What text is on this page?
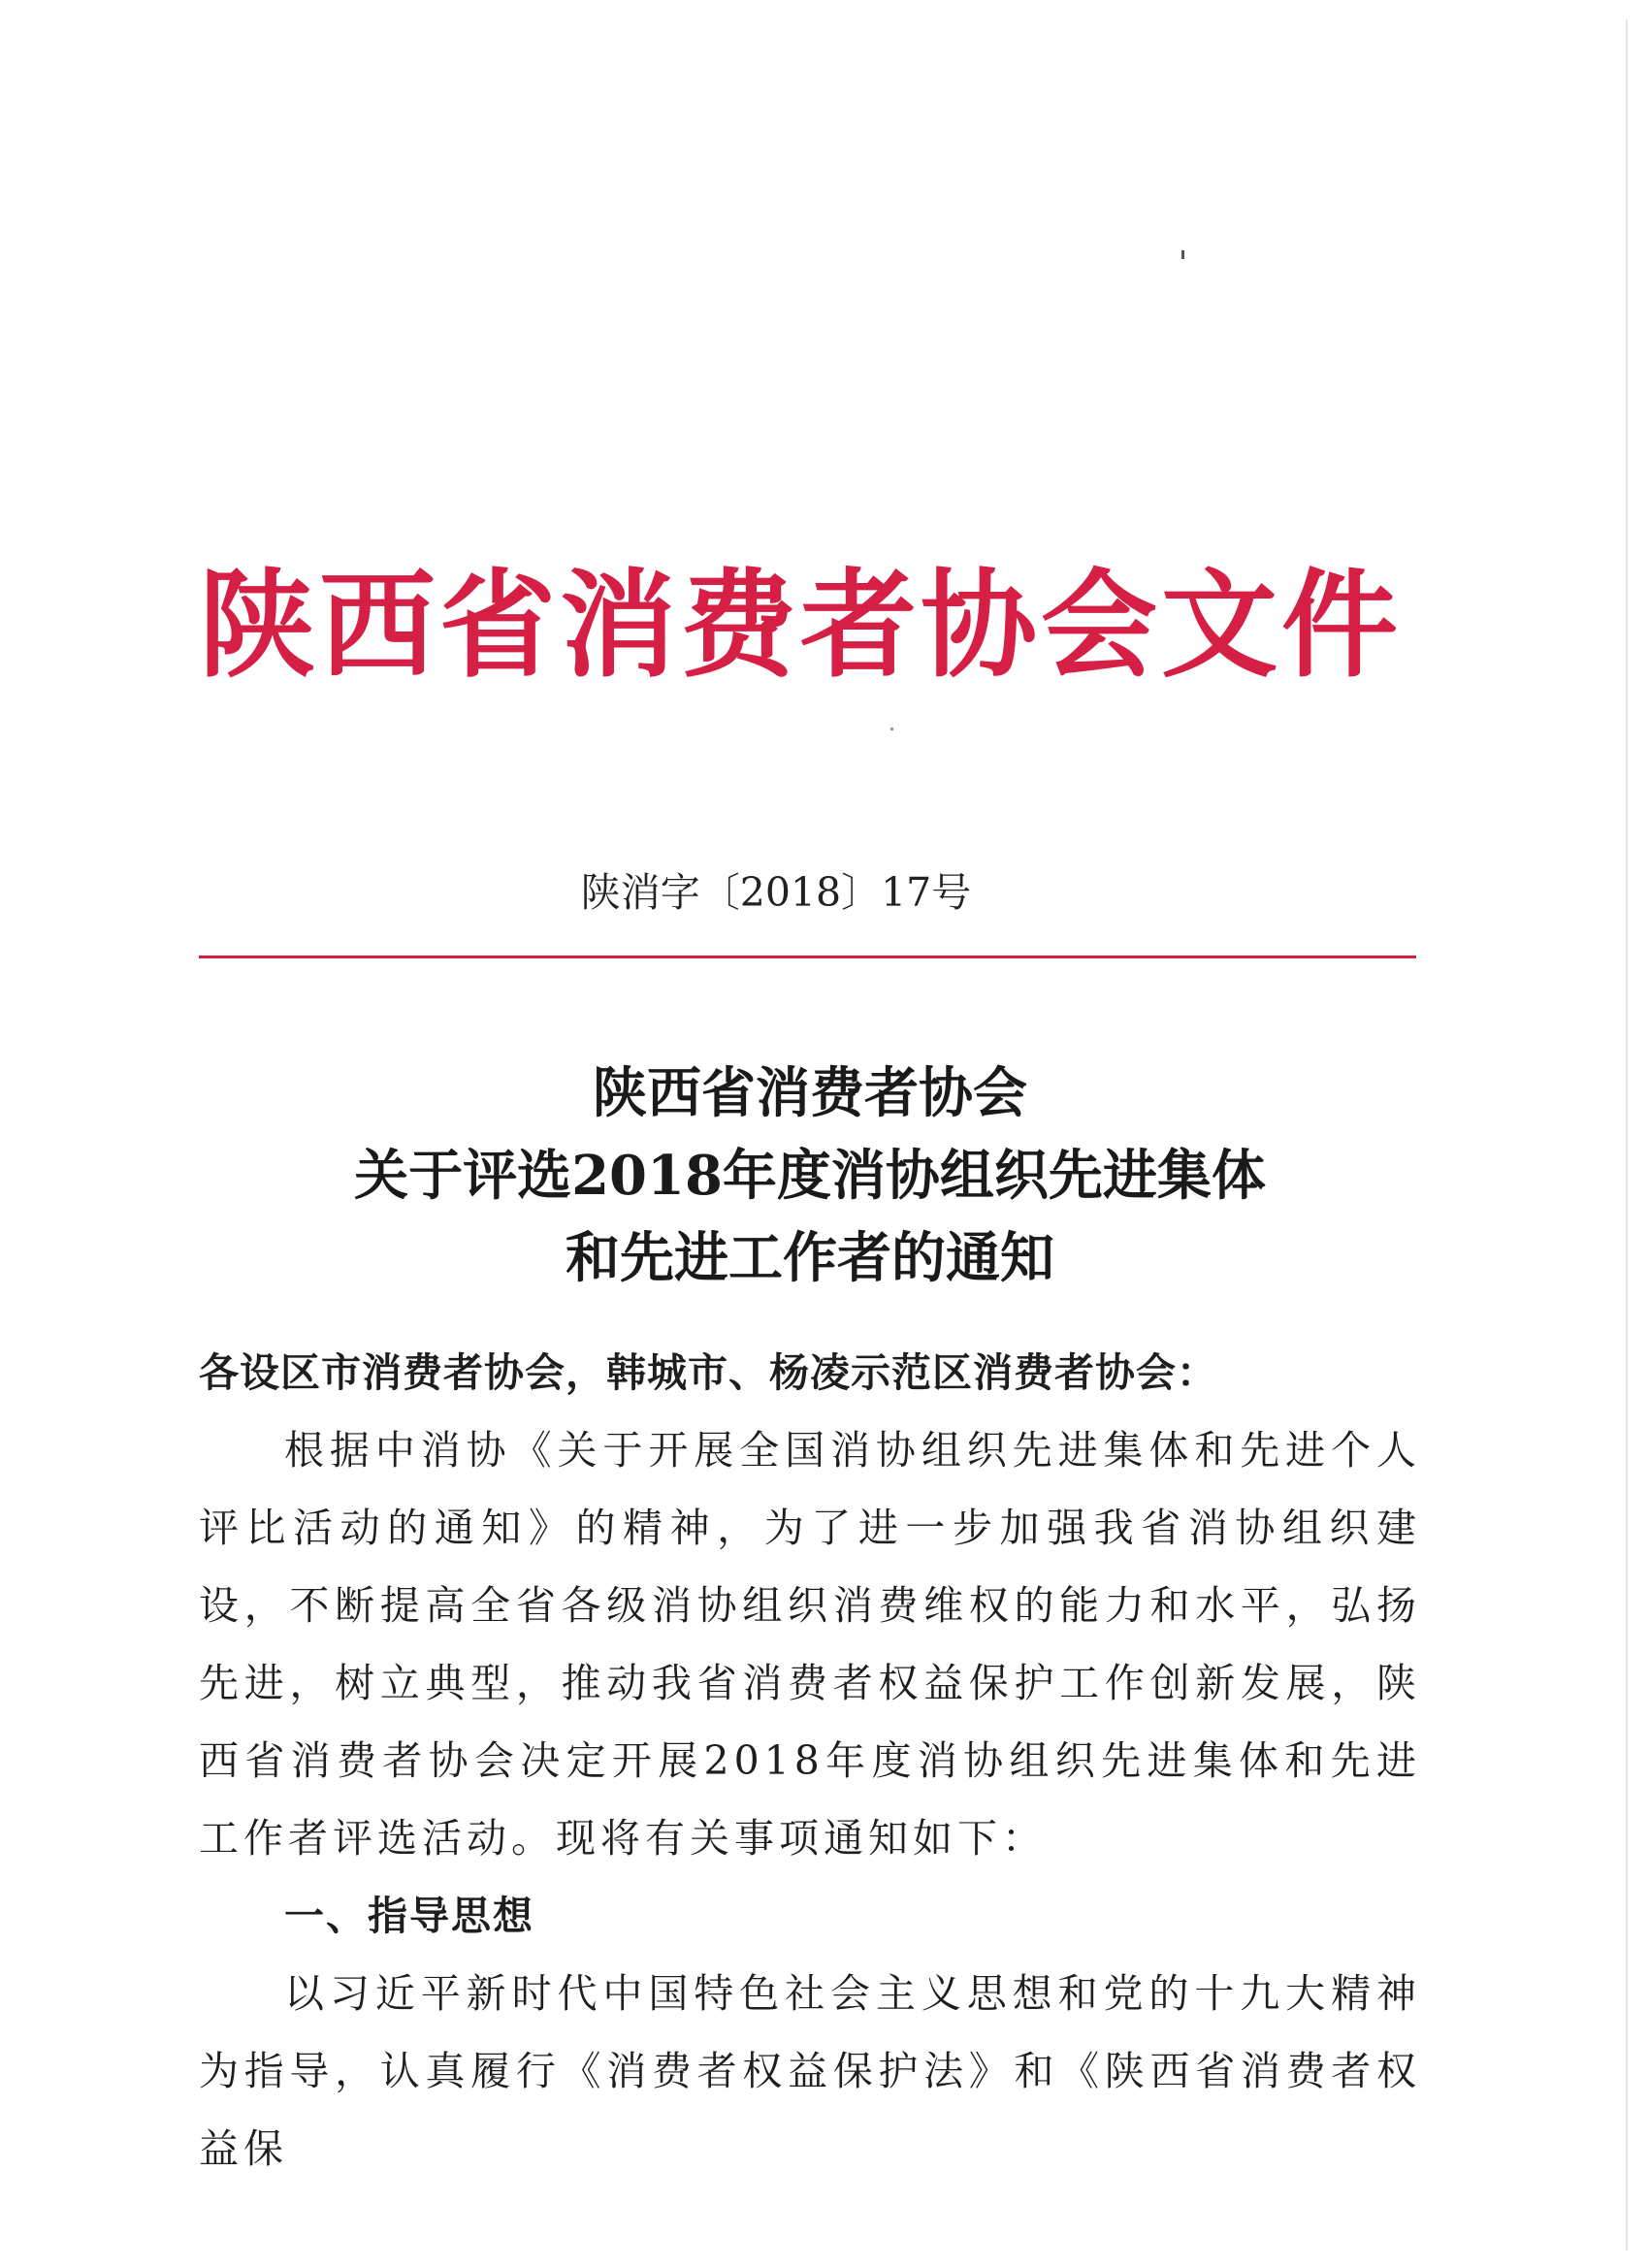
陕西省消费者协会文件
陕消字〔2018〕17号
陕西省消费者协会
关于评选2018年度消协组织先进集体
和先进工作者的通知
各设区市消费者协会，韩城市、杨凌示范区消费者协会：

根据中消协《关于开展全国消协组织先进集体和先进个人评比活动的通知》的精神，为了进一步加强我省消协组织建设，不断提高全省各级消协组织消费维权的能力和水平，弘扬先进，树立典型，推动我省消费者权益保护工作创新发展，陕西省消费者协会决定开展2018年度消协组织先进集体和先进工作者评选活动。现将有关事项通知如下：

一、指导思想

以习近平新时代中国特色社会主义思想和党的十九大精神为指导，认真履行《消费者权益保护法》和《陕西省消费者权益保
